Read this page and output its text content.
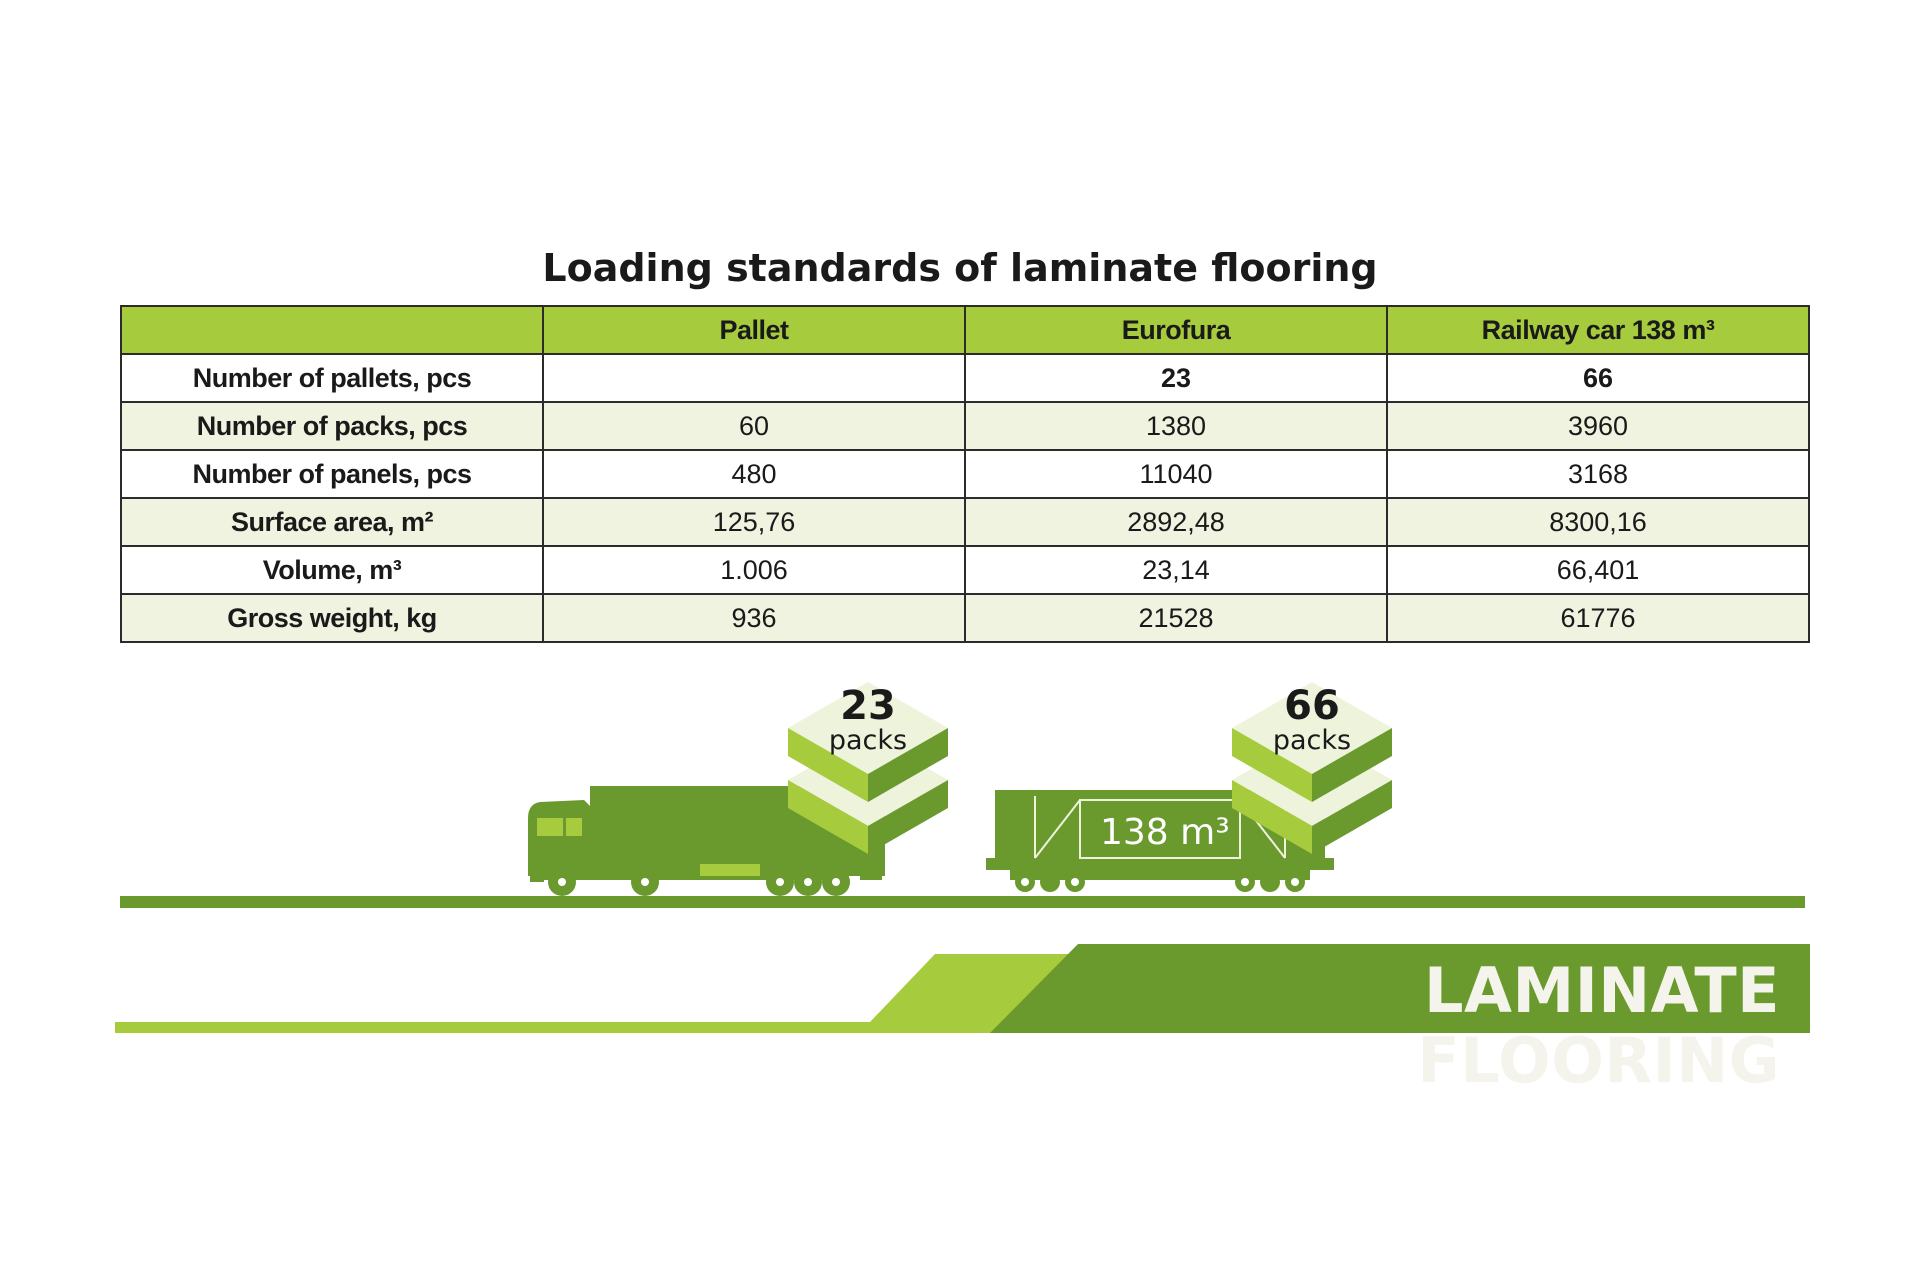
Loading standards of laminate flooring
	Pallet	Eurofura	Railway car 138 m³
Number of pallets, pcs		23	66
Number of packs, pcs	60	1380	3960
Number of panels, pcs	480	11040	3168
Surface area, m²	125,76	2892,48	8300,16
Volume, m³	1.006	23,14	66,401
Gross weight, kg	936	21528	61776
23
packs
66
packs
138 m³
LAMINATE FLOORING
